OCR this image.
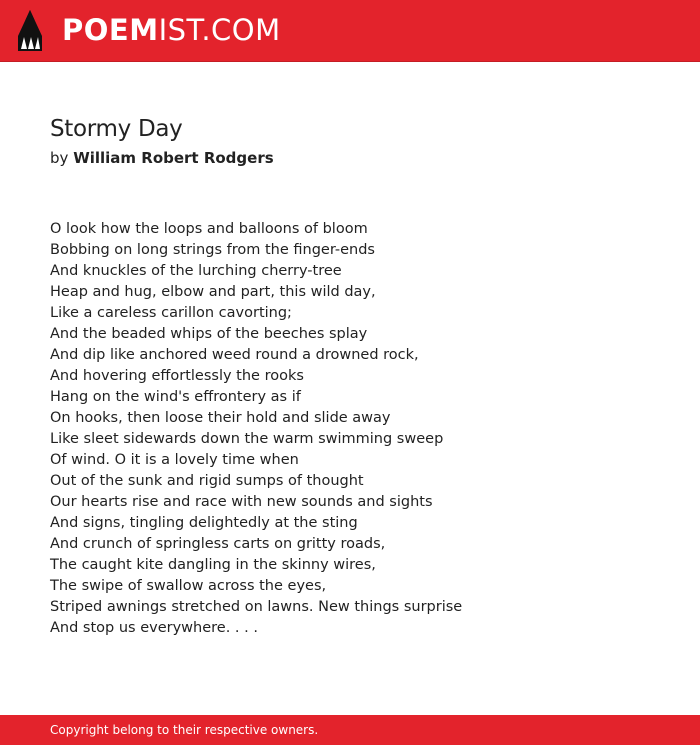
POEMIST.COM
Stormy Day
by William Robert Rodgers
O look how the loops and balloons of bloom
Bobbing on long strings from the finger-ends
And knuckles of the lurching cherry-tree
Heap and hug, elbow and part, this wild day,
Like a careless carillon cavorting;
And the beaded whips of the beeches splay
And dip like anchored weed round a drowned rock,
And hovering effortlessly the rooks
Hang on the wind's effrontery as if
On hooks, then loose their hold and slide away
Like sleet sidewards down the warm swimming sweep
Of wind. O it is a lovely time when
Out of the sunk and rigid sumps of thought
Our hearts rise and race with new sounds and sights
And signs, tingling delightedly at the sting
And crunch of springless carts on gritty roads,
The caught kite dangling in the skinny wires,
The swipe of swallow across the eyes,
Striped awnings stretched on lawns. New things surprise
And stop us everywhere. . . .
Copyright belong to their respective owners.
